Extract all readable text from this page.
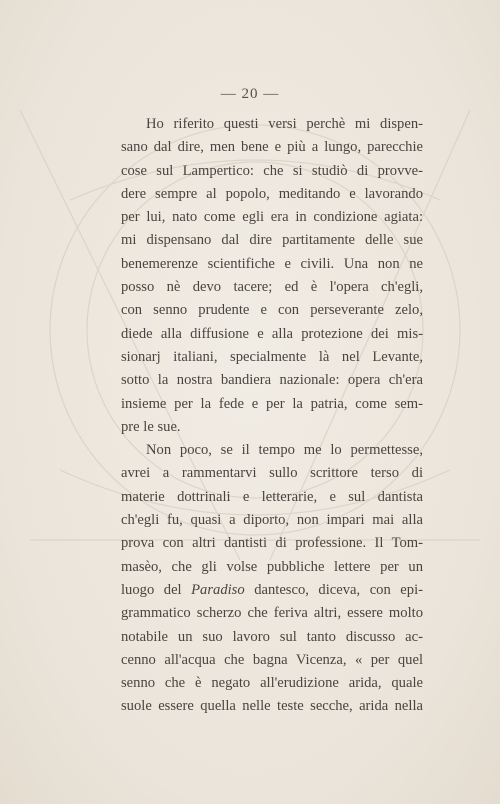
— 20 —
Ho riferito questi versi perchè mi dispen-
sano dal dire, men bene e più a lungo, parecchie
cose sul Lampertico: che si studiò di provve-
dere sempre al popolo, meditando e lavorando
per lui, nato come egli era in condizione agiata:
mi dispensano dal dire partitamente delle sue
benemerenze scientifiche e civili. Una non ne
posso nè devo tacere; ed è l'opera ch'egli,
con senno prudente e con perseverante zelo,
diede alla diffusione e alla protezione dei mis-
sionarj italiani, specialmente là nel Levante,
sotto la nostra bandiera nazionale: opera ch'era
insieme per la fede e per la patria, come sem-
pre le sue.
Non poco, se il tempo me lo permettesse,
avrei a rammentarvi sullo scrittore terso di
materie dottrinali e letterarie, e sul dantista
ch'egli fu, quasi a diporto, non impari mai alla
prova con altri dantisti di professione. Il Tom-
masèo, che gli volse pubbliche lettere per un
luogo del Paradiso dantesco, diceva, con epi-
grammatico scherzo che feriva altri, essere molto
notabile un suo lavoro sul tanto discusso ac-
cenno all'acqua che bagna Vicenza, « per quel
senno che è negato all'erudizione arida, quale
suole essere quella nelle teste secche, arida nella
